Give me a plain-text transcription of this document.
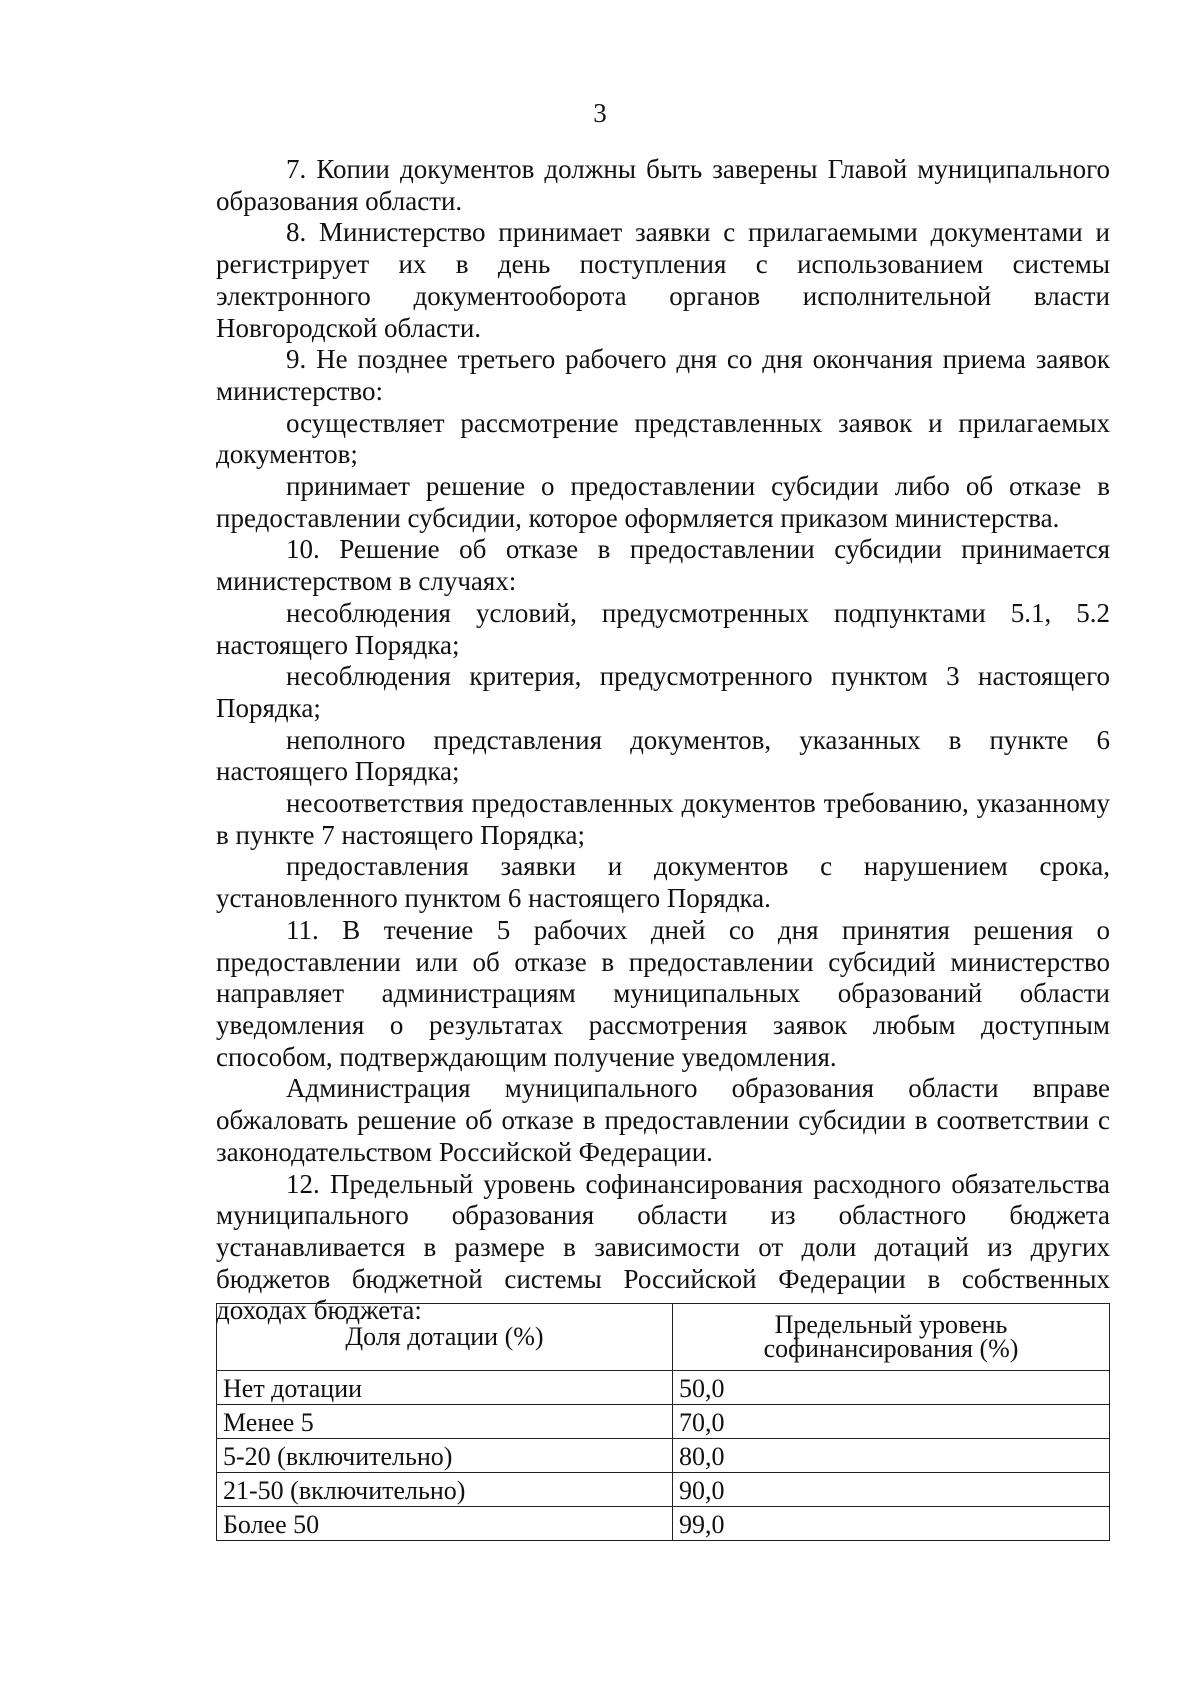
3

7. Копии документов должны быть заверены Главой муниципального образования области.

8. Министерство принимает заявки с прилагаемыми документами и регистрирует их в день поступления с использованием системы электронного документооборота органов исполнительной власти Новгородской области.

9. Не позднее третьего рабочего дня со дня окончания приема заявок министерство:

осуществляет рассмотрение представленных заявок и прилагаемых документов;

принимает решение о предоставлении субсидии либо об отказе в предоставлении субсидии, которое оформляется приказом министерства.

10. Решение об отказе в предоставлении субсидии принимается министерством в случаях:

несоблюдения условий, предусмотренных подпунктами 5.1, 5.2 настоящего Порядка;

несоблюдения критерия, предусмотренного пунктом 3 настоящего Порядка;

неполного представления документов, указанных в пункте 6 настоящего Порядка;

несоответствия предоставленных документов требованию, указанному в пункте 7 настоящего Порядка;

предоставления заявки и документов с нарушением срока, установленного пунктом 6 настоящего Порядка.

11. В течение 5 рабочих дней со дня принятия решения о предоставлении или об отказе в предоставлении субсидий министерство направляет администрациям муниципальных образований области уведомления о результатах рассмотрения заявок любым доступным способом, подтверждающим получение уведомления.

Администрация муниципального образования области вправе обжаловать решение об отказе в предоставлении субсидии в соответствии с законодательством Российской Федерации.

12. Предельный уровень софинансирования расходного обязательства муниципального образования области из областного бюджета устанавливается в размере в зависимости от доли дотаций из других бюджетов бюджетной системы Российской Федерации в собственных доходах бюджета:

Доля дотации (%)	Предельный уровень софинансирования (%)
Нет дотации	50,0
Менее 5	70,0
5-20 (включительно)	80,0
21-50 (включительно)	90,0
Более 50	99,0
